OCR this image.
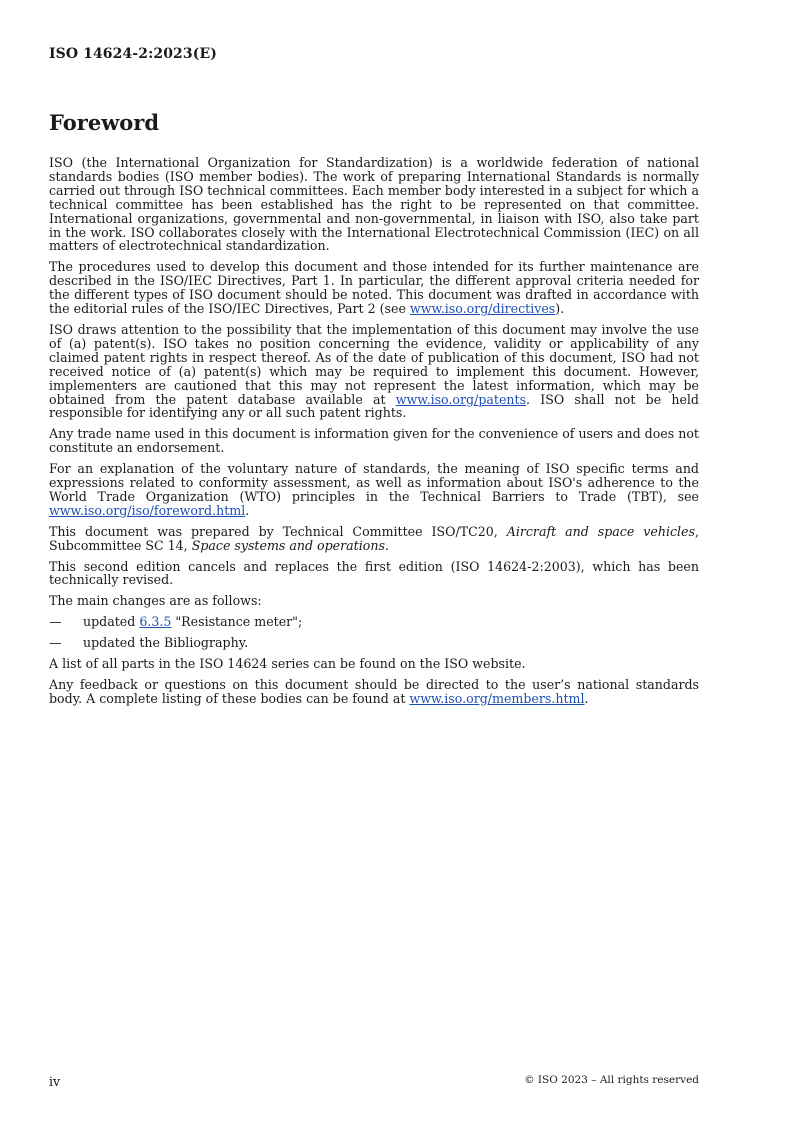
ISO 14624-2:2023(E)
Foreword

ISO (the International Organization for Standardization) is a worldwide federation of national standards bodies (ISO member bodies). The work of preparing International Standards is normally carried out through ISO technical committees. Each member body interested in a subject for which a technical committee has been established has the right to be represented on that committee. International organizations, governmental and non-governmental, in liaison with ISO, also take part in the work. ISO collaborates closely with the International Electrotechnical Commission (IEC) on all matters of electrotechnical standardization.

The procedures used to develop this document and those intended for its further maintenance are described in the ISO/IEC Directives, Part 1. In particular, the different approval criteria needed for the different types of ISO document should be noted. This document was drafted in accordance with the editorial rules of the ISO/IEC Directives, Part 2 (see www.iso.org/directives).

ISO draws attention to the possibility that the implementation of this document may involve the use of (a) patent(s). ISO takes no position concerning the evidence, validity or applicability of any claimed patent rights in respect thereof. As of the date of publication of this document, ISO had not received notice of (a) patent(s) which may be required to implement this document. However, implementers are cautioned that this may not represent the latest information, which may be obtained from the patent database available at www.iso.org/patents. ISO shall not be held responsible for identifying any or all such patent rights.

Any trade name used in this document is information given for the convenience of users and does not constitute an endorsement.

For an explanation of the voluntary nature of standards, the meaning of ISO specific terms and expressions related to conformity assessment, as well as information about ISO's adherence to the World Trade Organization (WTO) principles in the Technical Barriers to Trade (TBT), see www.iso.org/iso/foreword.html.

This document was prepared by Technical Committee ISO/TC20, Aircraft and space vehicles, Subcommittee SC 14, Space systems and operations.

This second edition cancels and replaces the first edition (ISO 14624-2:2003), which has been technically revised.

The main changes are as follows:

—	updated 6.3.5 "Resistance meter";

—	updated the Bibliography.

A list of all parts in the ISO 14624 series can be found on the ISO website.

Any feedback or questions on this document should be directed to the user’s national standards body. A complete listing of these bodies can be found at www.iso.org/members.html.

iv	© ISO 2023 – All rights reserved
